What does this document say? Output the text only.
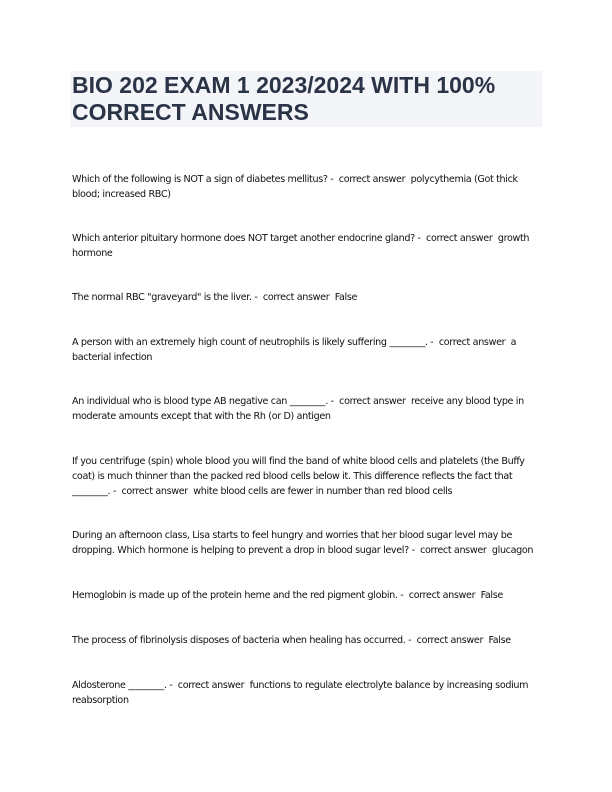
BIO 202 EXAM 1 2023/2024 WITH 100%
CORRECT ANSWERS

Which of the following is NOT a sign of diabetes mellitus? -  correct answer  polycythemia (Got thick blood; increased RBC)

Which anterior pituitary hormone does NOT target another endocrine gland? -  correct answer  growth hormone

The normal RBC "graveyard" is the liver. -  correct answer  False

A person with an extremely high count of neutrophils is likely suffering ________. -  correct answer  a bacterial infection

An individual who is blood type AB negative can ________. -  correct answer  receive any blood type in moderate amounts except that with the Rh (or D) antigen

If you centrifuge (spin) whole blood you will find the band of white blood cells and platelets (the Buffy coat) is much thinner than the packed red blood cells below it. This difference reflects the fact that ________. -  correct answer  white blood cells are fewer in number than red blood cells

During an afternoon class, Lisa starts to feel hungry and worries that her blood sugar level may be dropping. Which hormone is helping to prevent a drop in blood sugar level? -  correct answer  glucagon

Hemoglobin is made up of the protein heme and the red pigment globin. -  correct answer  False

The process of fibrinolysis disposes of bacteria when healing has occurred. -  correct answer  False

Aldosterone ________. -  correct answer  functions to regulate electrolyte balance by increasing sodium reabsorption
